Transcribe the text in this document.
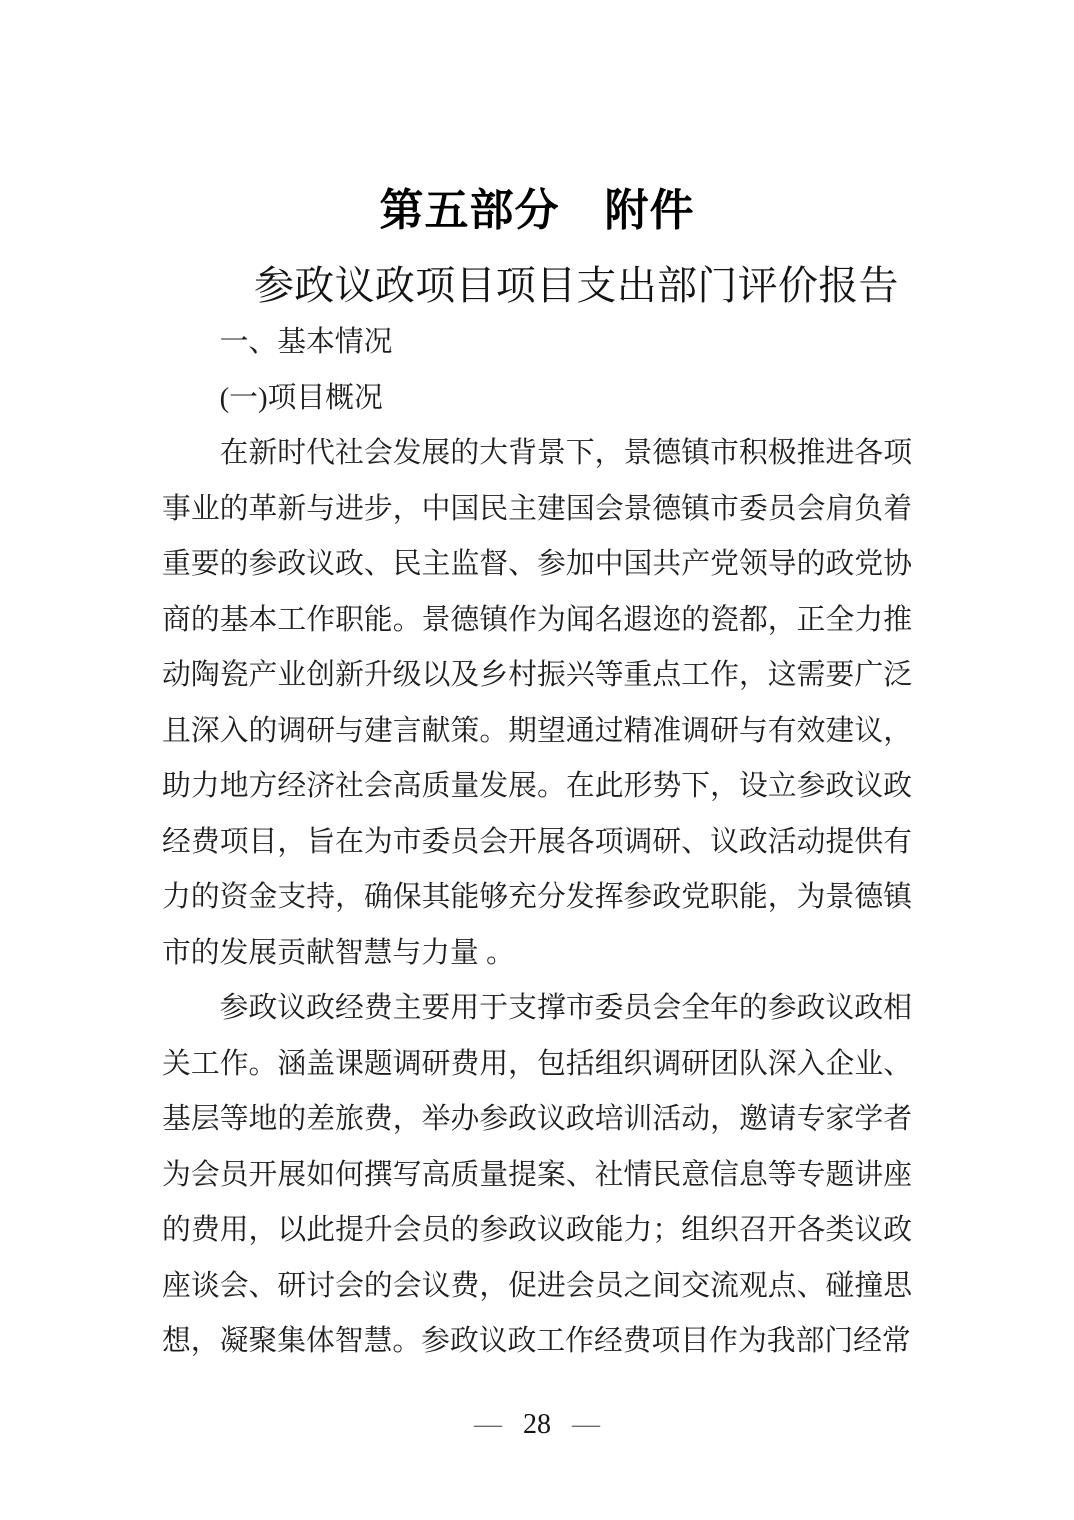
第五部分　附件
参政议政项目项目支出部门评价报告
一、基本情况
(一)项目概况

在新时代社会发展的大背景下，景德镇市积极推进各项事业的革新与进步，中国民主建国会景德镇市委员会肩负着重要的参政议政、民主监督、参加中国共产党领导的政党协商的基本工作职能。景德镇作为闻名遐迩的瓷都，正全力推动陶瓷产业创新升级以及乡村振兴等重点工作，这需要广泛且深入的调研与建言献策。期望通过精准调研与有效建议，助力地方经济社会高质量发展。在此形势下，设立参政议政经费项目，旨在为市委员会开展各项调研、议政活动提供有力的资金支持，确保其能够充分发挥参政党职能，为景德镇市的发展贡献智慧与力量 。

参政议政经费主要用于支撑市委员会全年的参政议政相关工作。涵盖课题调研费用，包括组织调研团队深入企业、基层等地的差旅费，举办参政议政培训活动，邀请专家学者为会员开展如何撰写高质量提案、社情民意信息等专题讲座的费用，以此提升会员的参政议政能力；组织召开各类议政座谈会、研讨会的会议费，促进会员之间交流观点、碰撞思想，凝聚集体智慧。参政议政工作经费项目作为我部门经常

— 28 —
